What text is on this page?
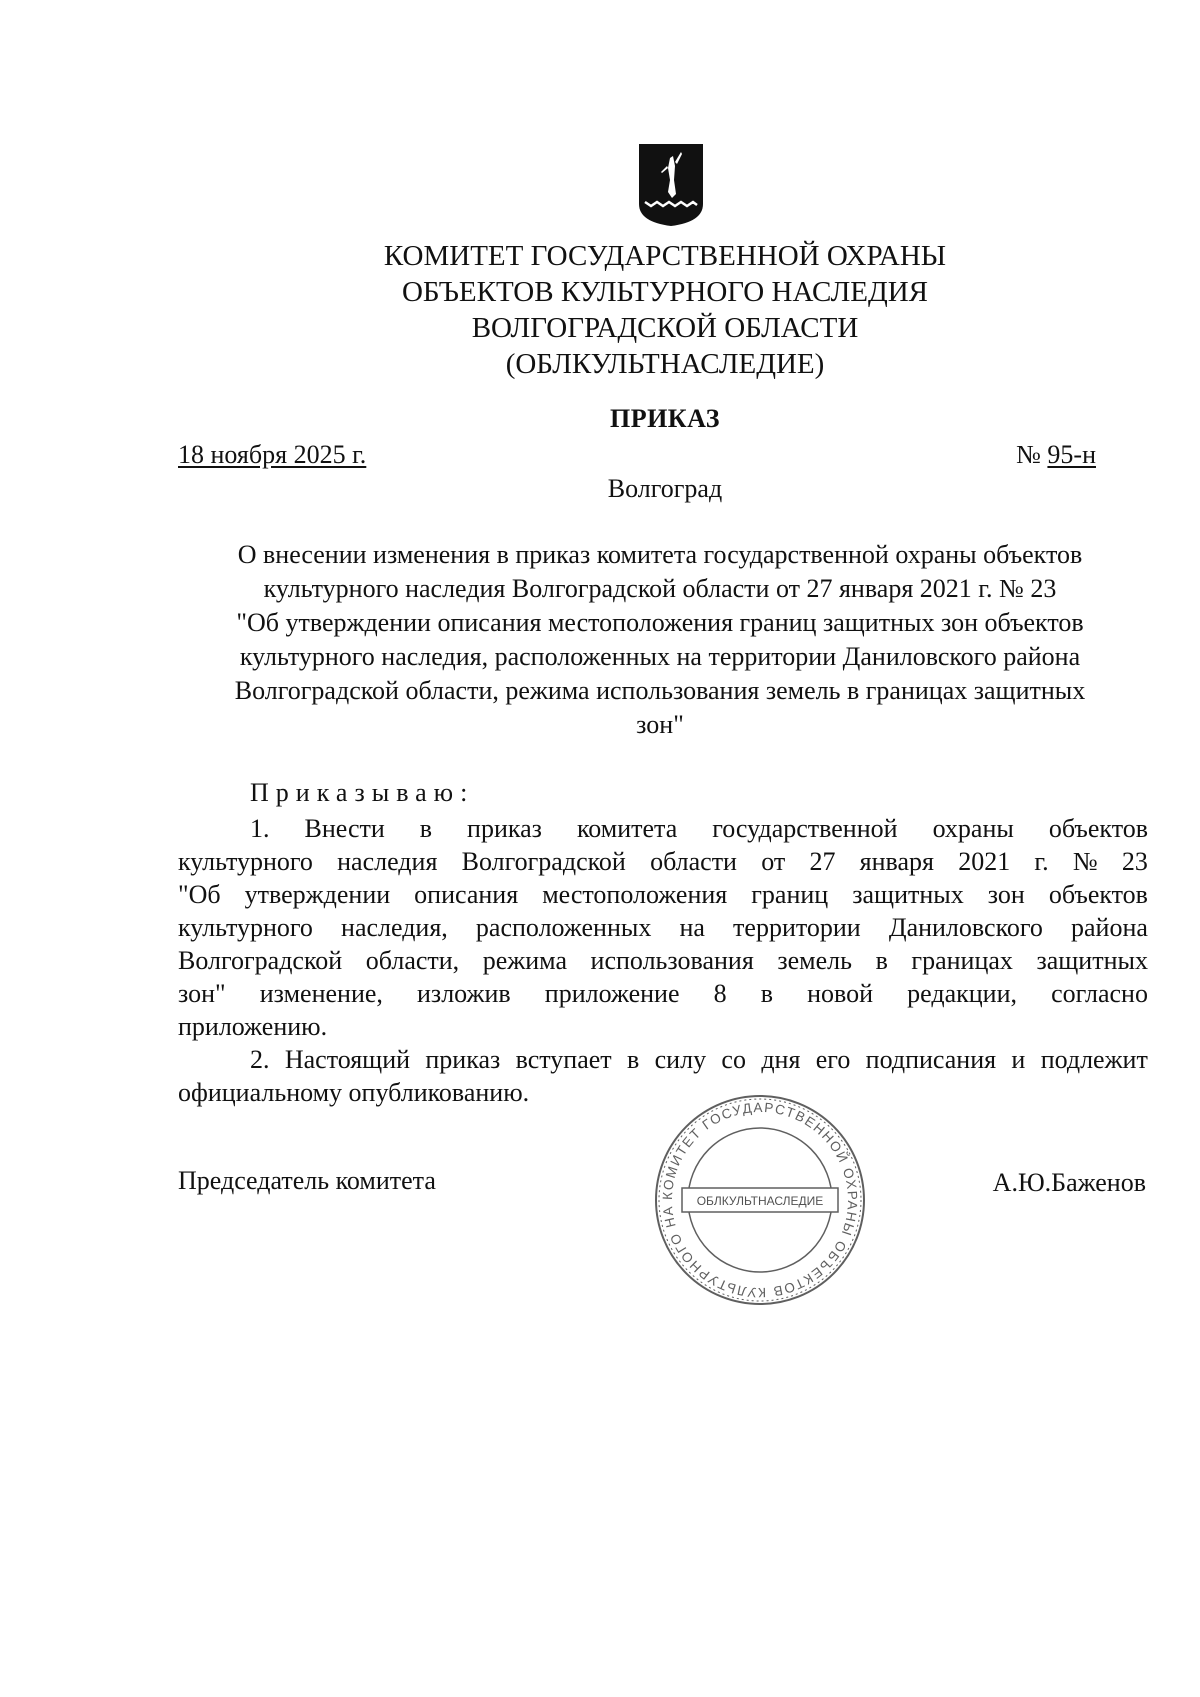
КОМИТЕТ ГОСУДАРСТВЕННОЙ ОХРАНЫ
ОБЪЕКТОВ КУЛЬТУРНОГО НАСЛЕДИЯ
ВОЛГОГРАДСКОЙ ОБЛАСТИ
(ОБЛКУЛЬТНАСЛЕДИЕ)
ПРИКАЗ
18 ноября 2025 г.	№ 95-н
Волгоград
О внесении изменения в приказ комитета государственной охраны объектов
культурного наследия Волгоградской области от 27 января 2021 г. № 23
"Об утверждении описания местоположения границ защитных зон объектов
культурного наследия, расположенных на территории Даниловского района
Волгоградской области, режима использования земель в границах защитных
зон"
Приказываю:
1. Внести в приказ комитета государственной охраны объектов
культурного наследия Волгоградской области от 27 января 2021 г. № 23
"Об утверждении описания местоположения границ защитных зон объектов
культурного наследия, расположенных на территории Даниловского района
Волгоградской области, режима использования земель в границах защитных
зон" изменение, изложив приложение 8 в новой редакции, согласно
приложению.
2. Настоящий приказ вступает в силу со дня его подписания и подлежит
официальному опубликованию.
Председатель комитета	А.Ю.Баженов
КОМИТЕТ ГОСУДАРСТВЕННОЙ ОХРАНЫ ОБЪЕКТОВ КУЛЬТУРНОГО НА
ОБЛКУЛЬТНАСЛЕДИЕ
